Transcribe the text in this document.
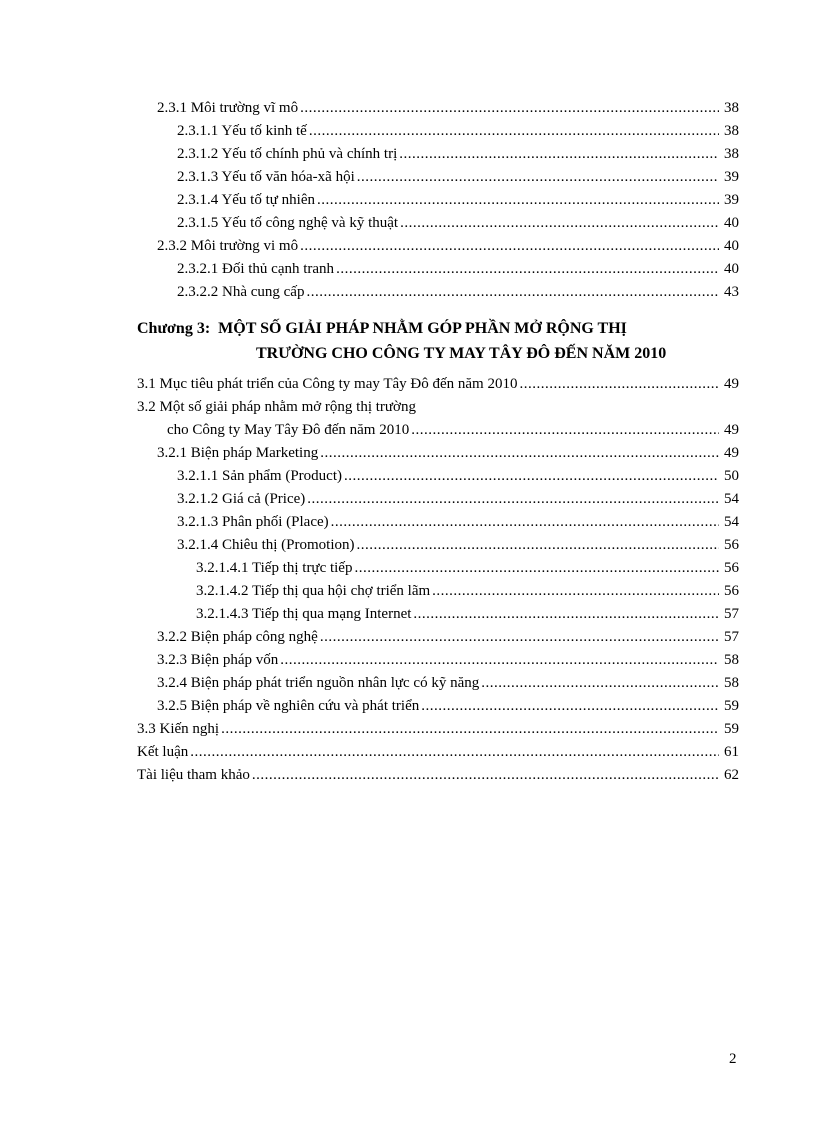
2.3.1 Môi trường vĩ mô .....	38
2.3.1.1 Yếu tố kinh tế .....	38
2.3.1.2 Yếu tố chính phủ và chính trị .....	38
2.3.1.3 Yếu tố văn hóa-xã hội .....	39
2.3.1.4 Yếu tố tự nhiên .....	39
2.3.1.5 Yếu tố công nghệ và kỹ thuật .....	40
2.3.2 Môi trường vi mô .....	40
2.3.2.1 Đối thủ cạnh tranh .....	40
2.3.2.2 Nhà cung cấp .....	43
Chương 3: MỘT SỐ GIẢI PHÁP NHẰM GÓP PHẦN MỞ RỘNG THỊ
TRƯỜNG CHO CÔNG TY MAY TÂY ĐÔ ĐẾN NĂM 2010
3.1 Mục tiêu phát triển của Công ty may Tây Đô đến năm 2010 .....	49
3.2 Một số giải pháp nhằm mở rộng thị trường
cho Công ty May Tây Đô đến năm 2010 .....	49
3.2.1 Biện pháp Marketing .....	49
3.2.1.1 Sản phẩm (Product) .....	50
3.2.1.2 Giá cả (Price) .....	54
3.2.1.3 Phân phối (Place) .....	54
3.2.1.4 Chiêu thị (Promotion) .....	56
3.2.1.4.1 Tiếp thị trực tiếp .....	56
3.2.1.4.2 Tiếp thị qua hội chợ triển lãm .....	56
3.2.1.4.3 Tiếp thị qua mạng Internet .....	57
3.2.2 Biện pháp công nghệ .....	57
3.2.3 Biện pháp vốn .....	58
3.2.4 Biện pháp phát triển nguồn nhân lực có kỹ năng .....	58
3.2.5 Biện pháp về nghiên cứu và phát triển .....	59
3.3 Kiến nghị .....	59
Kết luận .....	61
Tài liệu tham khảo .....	62
2
